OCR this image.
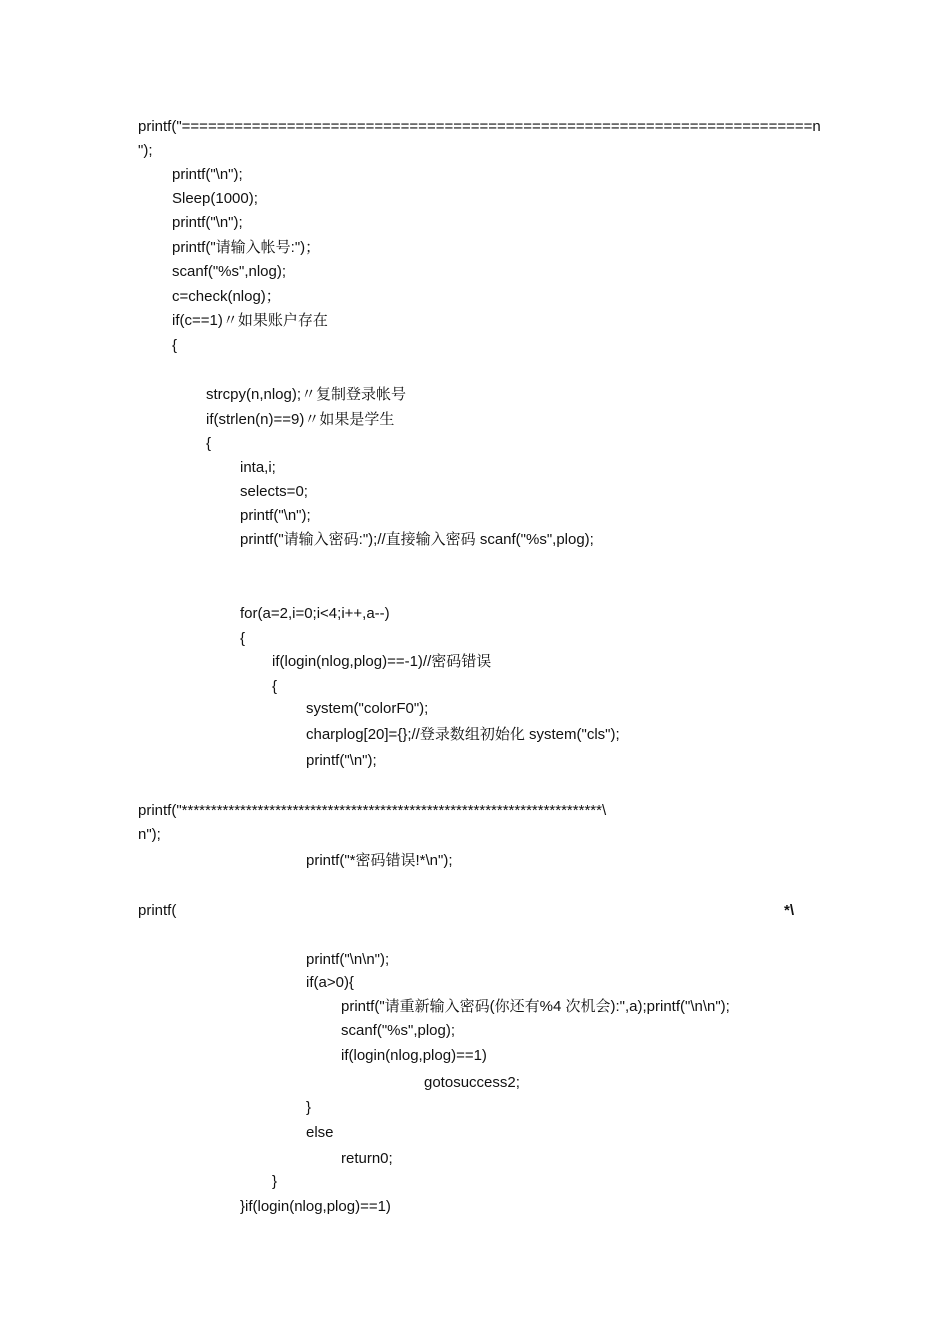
printf("========================================================================n
");
printf("\n");
Sleep(1000);
printf("\n");
printf("请输入帐号:")；
scanf("%s",nlog);
c=check(nlog)；
if(c==1)〃如果账户存在
{
strcpy(n,nlog);〃复制登录帐号
if(strlen(n)==9)〃如果是学生
{
inta,i;
selects=0;
printf("\n");
printf("请输入密码:");//直接输入密码 scanf("%s",plog);
for(a=2,i=0;i<4;i++,a--)
{
if(login(nlog,plog)==-1)//密码错误
{
system("colorF0");
charplog[20]={};//登录数组初始化 system("cls");
printf("\n");
printf("************************************************************************\
n");
printf("*密码错误!*\n");
printf(	*\
printf("\n\n");
if(a>0){
printf("请重新输入密码(你还有%4 次机会):",a);printf("\n\n");
scanf("%s",plog);
if(login(nlog,plog)==1)
gotosuccess2;
}
else
return0;
}
}if(login(nlog,plog)==1)
